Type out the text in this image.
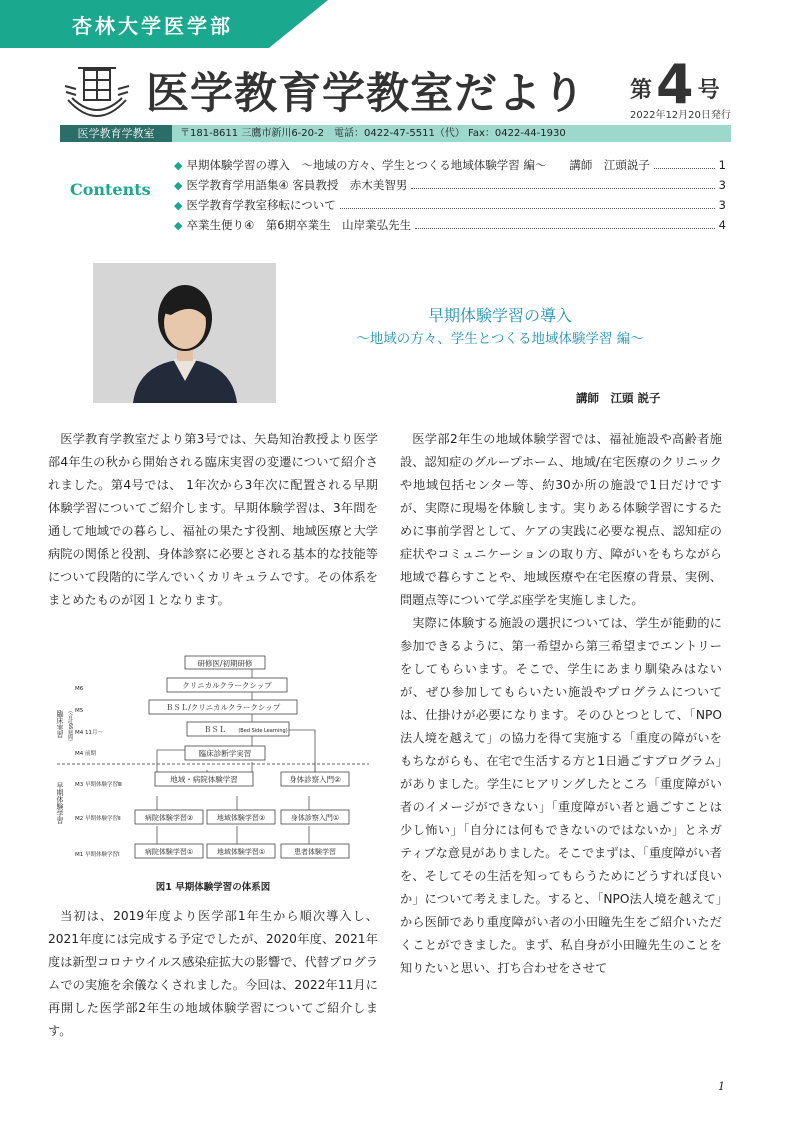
杏林大学医学部
医学教育学教室だより 第4 号
2022年12月20日発行
医学教育学教室	〒181-8611 三鷹市新川6-20-2　電話：0422-47-5511（代） Fax：0422-44-1930
Contents
◆ 早期体験学習の導入　～地域の方々、学生とつくる地域体験学習 編～　　講師　江頭説子	1
◆ 医学教育学用語集④ 客員教授　赤木美智男	3
◆ 医学教育学教室移転について	3
◆ 卒業生便り④　第6期卒業生　山岸業弘先生	4
早期体験学習の導入
～地域の方々、学生とつくる地域体験学習 編～
講師　江頭 説子

医学教育学教室だより第3号では、矢島知治教授より医学部4年生の秋から開始される臨床実習の変遷について紹介されました。第4号では、 1年次から3年次に配置される早期体験学習についてご紹介します。早期体験学習は、3年間を通して地域での暮らし、福祉の果たす役割、地域医療と大学病院の関係と役割、身体診察に必要とされる基本的な技能等について段階的に学んでいくカリキュラムです。その体系をまとめたものが図１となります。

臨床実習 （合計66週間）
早期体験学習
M6
M5
M4 11月～
M4 前期
M3 早期体験学習Ⅲ
M2 早期体験学習Ⅱ
M1 早期体験学習Ⅰ
研修医/初期研修
クリニカルクラークシップ
ＢＳＬ/クリニカルクラークシップ
ＢＳＬ (Bed Side Learning)
臨床診断学実習
地域・病院体験学習	身体診察入門②
病院体験学習②	地域体験学習②	身体診察入門①
病院体験学習①	地域体験学習①	患者体験学習
図1 早期体験学習の体系図

当初は、2019年度より医学部1年生から順次導入し、2021年度には完成する予定でしたが、2020年度、2021年度は新型コロナウイルス感染症拡大の影響で、代替プログラムでの実施を余儀なくされました。今回は、2022年11月に再開した医学部2年生の地域体験学習についてご紹介します。

医学部2年生の地域体験学習では、福祉施設や高齢者施設、認知症のグループホーム、地域/在宅医療のクリニックや地域包括センター等、約30か所の施設で1日だけですが、実際に現場を体験します。実りある体験学習にするために事前学習として、ケアの実践に必要な視点、認知症の症状やコミュニケーションの取り方、障がいをもちながら地域で暮らすことや、地域医療や在宅医療の背景、実例、問題点等について学ぶ座学を実施しました。

実際に体験する施設の選択については、学生が能動的に参加できるように、第一希望から第三希望までエントリーをしてもらいます。そこで、学生にあまり馴染みはないが、ぜひ参加してもらいたい施設やプログラムについては、仕掛けが必要になります。そのひとつとして、「NPO法人境を越えて」の協力を得て実施する「重度の障がいをもちながらも、在宅で生活する方と1日過ごすプログラム」がありました。学生にヒアリングしたところ「重度障がい者のイメージができない」「重度障がい者と過ごすことは少し怖い」「自分には何もできないのではないか」とネガティブな意見がありました。そこでまずは、「重度障がい者を、そしてその生活を知ってもらうためにどうすれば良いか」について考えました。すると、「NPO法人境を越えて」から医師であり重度障がい者の小田瞳先生をご紹介いただくことができました。まず、私自身が小田瞳先生のことを知りたいと思い、打ち合わせをさせて

1
